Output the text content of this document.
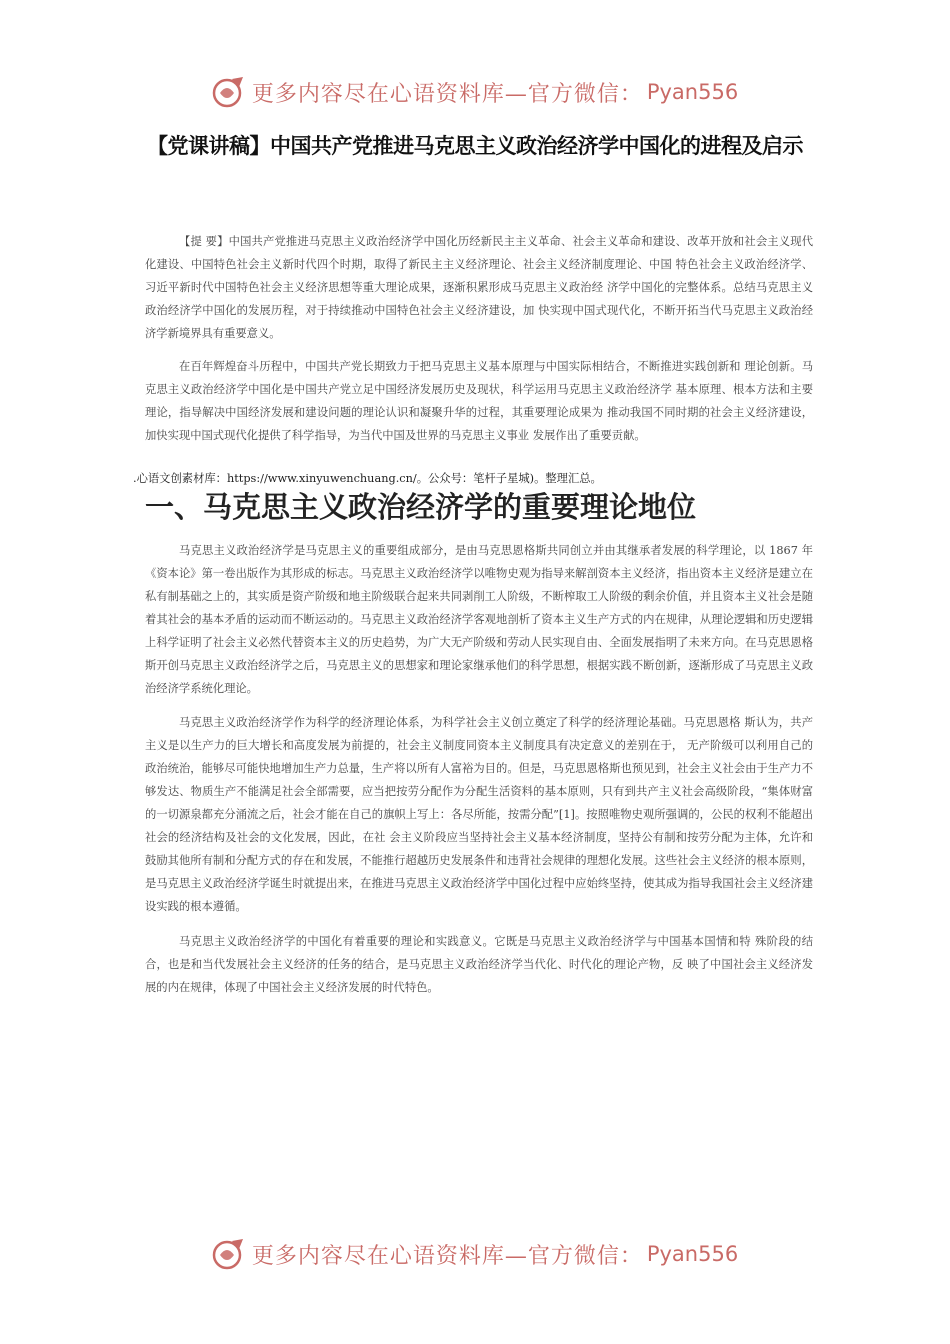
更多内容尽在心语资料库—官方微信： Pyan556
【党课讲稿】中国共产党推进马克思主义政治经济学中国化的进程及启示

【提 要】中国共产党推进马克思主义政治经济学中国化历经新民主主义革命、社会主义革命和建设、改革开放和社会主义现代化建设、中国特色社会主义新时代四个时期，取得了新民主主义经济理论、社会主义经济制度理论、中国 特色社会主义政治经济学、习近平新时代中国特色社会主义经济思想等重大理论成果，逐渐积累形成马克思主义政治经 济学中国化的完整体系。总结马克思主义政治经济学中国化的发展历程，对于持续推动中国特色社会主义经济建设，加 快实现中国式现代化，不断开拓当代马克思主义政治经济学新境界具有重要意义。

在百年辉煌奋斗历程中，中国共产党长期致力于把马克思主义基本原理与中国实际相结合，不断推进实践创新和 理论创新。马克思主义政治经济学中国化是中国共产党立足中国经济发展历史及现状，科学运用马克思主义政治经济学 基本原理、根本方法和主要理论，指导解决中国经济发展和建设问题的理论认识和凝聚升华的过程，其重要理论成果为 推动我国不同时期的社会主义经济建设，加快实现中国式现代化提供了科学指导，为当代中国及世界的马克思主义事业 发展作出了重要贡献。

.心语文创素材库：https://www.xinyuwenchuang.cn/。公众号：笔杆子星城)。整理汇总。
一、马克思主义政治经济学的重要理论地位

马克思主义政治经济学是马克思主义的重要组成部分，是由马克思恩格斯共同创立并由其继承者发展的科学理论，以 1867 年《资本论》第一卷出版作为其形成的标志。马克思主义政治经济学以唯物史观为指导来解剖资本主义经济，指出资本主义经济是建立在私有制基础之上的，其实质是资产阶级和地主阶级联合起来共同剥削工人阶级，不断榨取工人阶级的剩余价值，并且资本主义社会是随着其社会的基本矛盾的运动而不断运动的。马克思主义政治经济学客观地剖析了资本主义生产方式的内在规律，从理论逻辑和历史逻辑上科学证明了社会主义必然代替资本主义的历史趋势，为广大无产阶级和劳动人民实现自由、全面发展指明了未来方向。在马克思恩格斯开创马克思主义政治经济学之后，马克思主义的思想家和理论家继承他们的科学思想，根据实践不断创新，逐渐形成了马克思主义政治经济学系统化理论。

马克思主义政治经济学作为科学的经济理论体系，为科学社会主义创立奠定了科学的经济理论基础。马克思恩格 斯认为，共产主义是以生产力的巨大增长和高度发展为前提的，社会主义制度同资本主义制度具有决定意义的差别在于， 无产阶级可以利用自己的政治统治，能够尽可能快地增加生产力总量，生产将以所有人富裕为目的。但是，马克思恩格斯也预见到，社会主义社会由于生产力不够发达、物质生产不能满足社会全部需要，应当把按劳分配作为分配生活资料的基本原则，只有到共产主义社会高级阶段，“集体财富的一切源泉都充分涌流之后，社会才能在自己的旗帜上写上：各尽所能，按需分配”[1]。按照唯物史观所强调的，公民的权利不能超出社会的经济结构及社会的文化发展，因此，在社 会主义阶段应当坚持社会主义基本经济制度，坚持公有制和按劳分配为主体，允许和鼓励其他所有制和分配方式的存在和发展，不能推行超越历史发展条件和违背社会规律的理想化发展。这些社会主义经济的根本原则，是马克思主义政治经济学诞生时就提出来，在推进马克思主义政治经济学中国化过程中应始终坚持，使其成为指导我国社会主义经济建设实践的根本遵循。

马克思主义政治经济学的中国化有着重要的理论和实践意义。它既是马克思主义政治经济学与中国基本国情和特 殊阶段的结合，也是和当代发展社会主义经济的任务的结合，是马克思主义政治经济学当代化、时代化的理论产物，反 映了中国社会主义经济发展的内在规律，体现了中国社会主义经济发展的时代特色。

更多内容尽在心语资料库—官方微信： Pyan556
